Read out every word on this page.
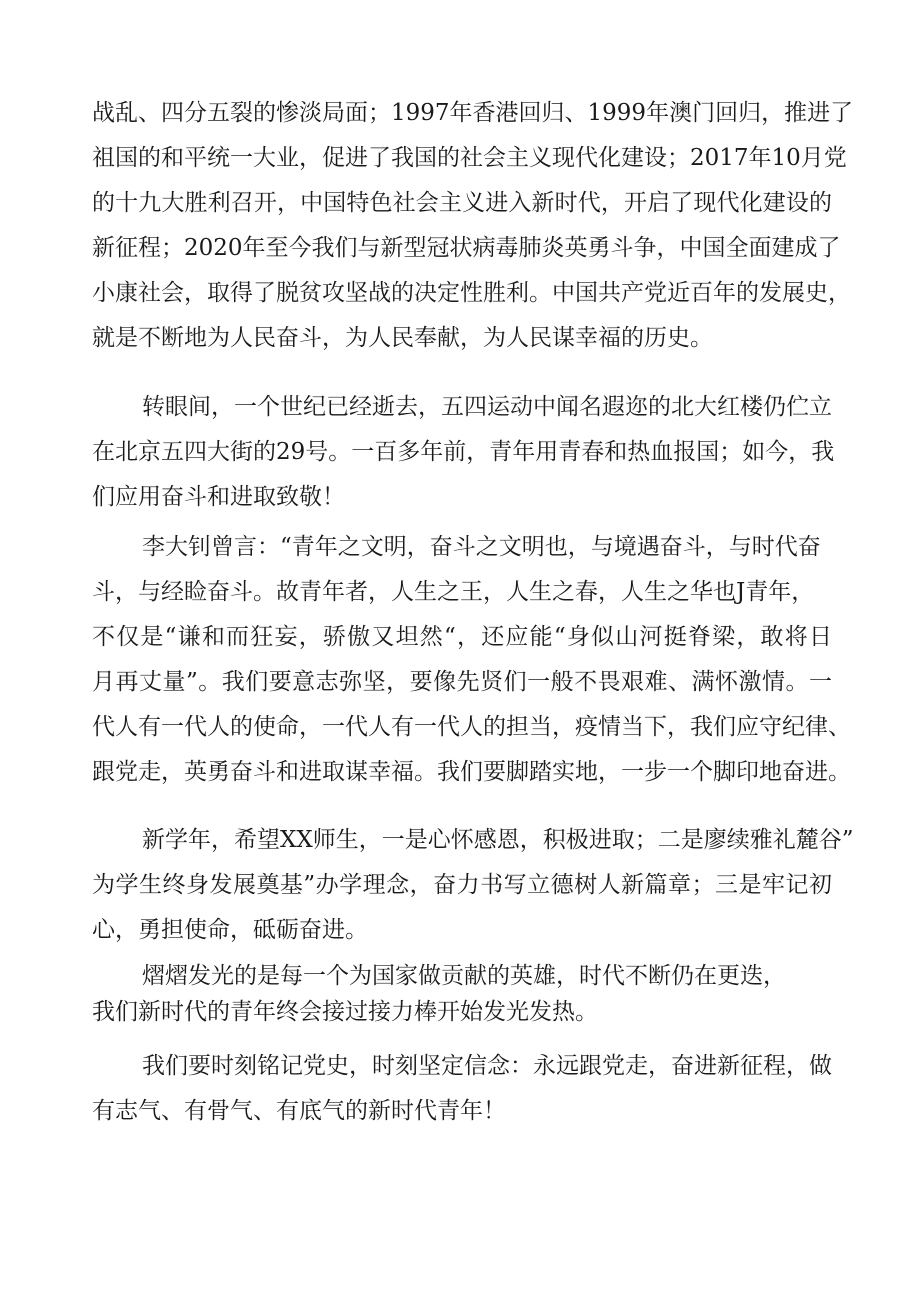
战乱、四分五裂的惨淡局面；1997年香港回归、1999年澳门回归，推进了
祖国的和平统一大业，促进了我国的社会主义现代化建设；2017年10月党
的十九大胜利召开，中国特色社会主义进入新时代，开启了现代化建设的
新征程；2020年至今我们与新型冠状病毒肺炎英勇斗争，中国全面建成了
小康社会，取得了脱贫攻坚战的决定性胜利。中国共产党近百年的发展史，
就是不断地为人民奋斗，为人民奉献，为人民谋幸福的历史。
转眼间，一个世纪已经逝去，五四运动中闻名遐迩的北大红楼仍伫立
在北京五四大街的29号。一百多年前，青年用青春和热血报国；如今，我
们应用奋斗和进取致敬！
李大钊曾言：“青年之文明，奋斗之文明也，与境遇奋斗，与时代奋
斗，与经睑奋斗。故青年者，人生之王，人生之春，人生之华也J青年，
不仅是“谦和而狂妄，骄傲又坦然“，还应能“身似山河挺脊梁，敢将日
月再丈量”。我们要意志弥坚，要像先贤们一般不畏艰难、满怀激情。一
代人有一代人的使命，一代人有一代人的担当，疫情当下，我们应守纪律、
跟党走，英勇奋斗和进取谋幸福。我们要脚踏实地，一步一个脚印地奋进。
新学年，希望XX师生，一是心怀感恩，积极进取；二是廖续雅礼麓谷”
为学生终身发展奠基”办学理念，奋力书写立德树人新篇章；三是牢记初
心，勇担使命，砥砺奋进。
熠熠发光的是每一个为国家做贡献的英雄，时代不断仍在更迭，
我们新时代的青年终会接过接力棒开始发光发热。
我们要时刻铭记党史，时刻坚定信念：永远跟党走，奋进新征程，做
有志气、有骨气、有底气的新时代青年！
